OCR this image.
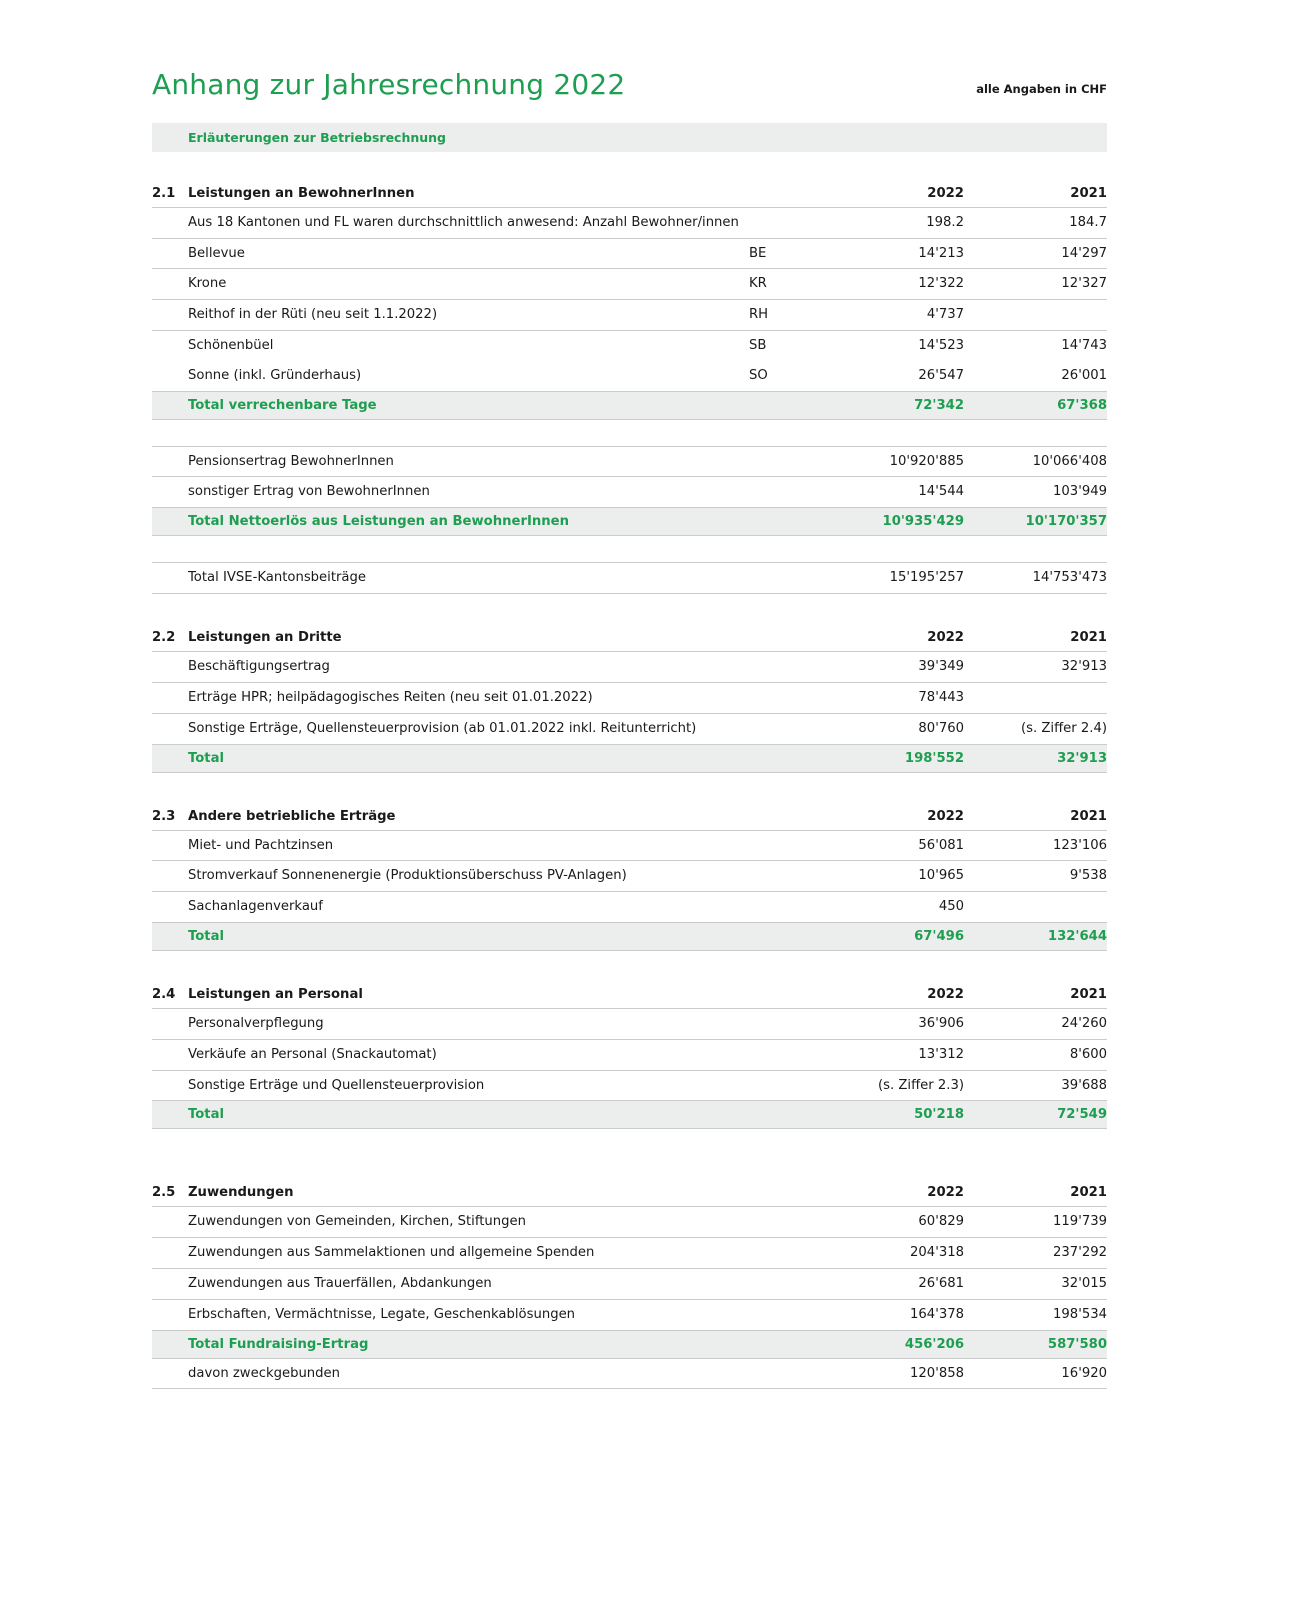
Anhang zur Jahresrechnung 2022	alle Angaben in CHF
Erläuterungen zur Betriebsrechnung
2.1	Leistungen an BewohnerInnen		2022	2021
	Aus 18 Kantonen und FL waren durchschnittlich anwesend: Anzahl Bewohner/innen		198.2	184.7
	Bellevue	BE	14'213	14'297
	Krone	KR	12'322	12'327
	Reithof in der Rüti (neu seit 1.1.2022)	RH	4'737	
	Schönenbüel	SB	14'523	14'743
	Sonne (inkl. Gründerhaus)	SO	26'547	26'001
	Total verrechenbare Tage		72'342	67'368

	Pensionsertrag BewohnerInnen		10'920'885	10'066'408
	sonstiger Ertrag von BewohnerInnen		14'544	103'949
	Total Nettoerlös aus Leistungen an BewohnerInnen		10'935'429	10'170'357

	Total IVSE-Kantonsbeiträge		15'195'257	14'753'473

2.2	Leistungen an Dritte		2022	2021
	Beschäftigungsertrag		39'349	32'913
	Erträge HPR; heilpädagogisches Reiten (neu seit 01.01.2022)		78'443	
	Sonstige Erträge, Quellensteuerprovision (ab 01.01.2022 inkl. Reitunterricht)		80'760	(s. Ziffer 2.4)
	Total		198'552	32'913

2.3	Andere betriebliche Erträge		2022	2021
	Miet- und Pachtzinsen		56'081	123'106
	Stromverkauf Sonnenenergie (Produktionsüberschuss PV-Anlagen)		10'965	9'538
	Sachanlagenverkauf		450	
	Total		67'496	132'644

2.4	Leistungen an Personal		2022	2021
	Personalverpflegung		36'906	24'260
	Verkäufe an Personal (Snackautomat)		13'312	8'600
	Sonstige Erträge und Quellensteuerprovision		(s. Ziffer 2.3)	39'688
	Total		50'218	72'549

2.5	Zuwendungen		2022	2021
	Zuwendungen von Gemeinden, Kirchen, Stiftungen		60'829	119'739
	Zuwendungen aus Sammelaktionen und allgemeine Spenden		204'318	237'292
	Zuwendungen aus Trauerfällen, Abdankungen		26'681	32'015
	Erbschaften, Vermächtnisse, Legate, Geschenkablösungen		164'378	198'534
	Total Fundraising-Ertrag		456'206	587'580
	davon zweckgebunden		120'858	16'920
